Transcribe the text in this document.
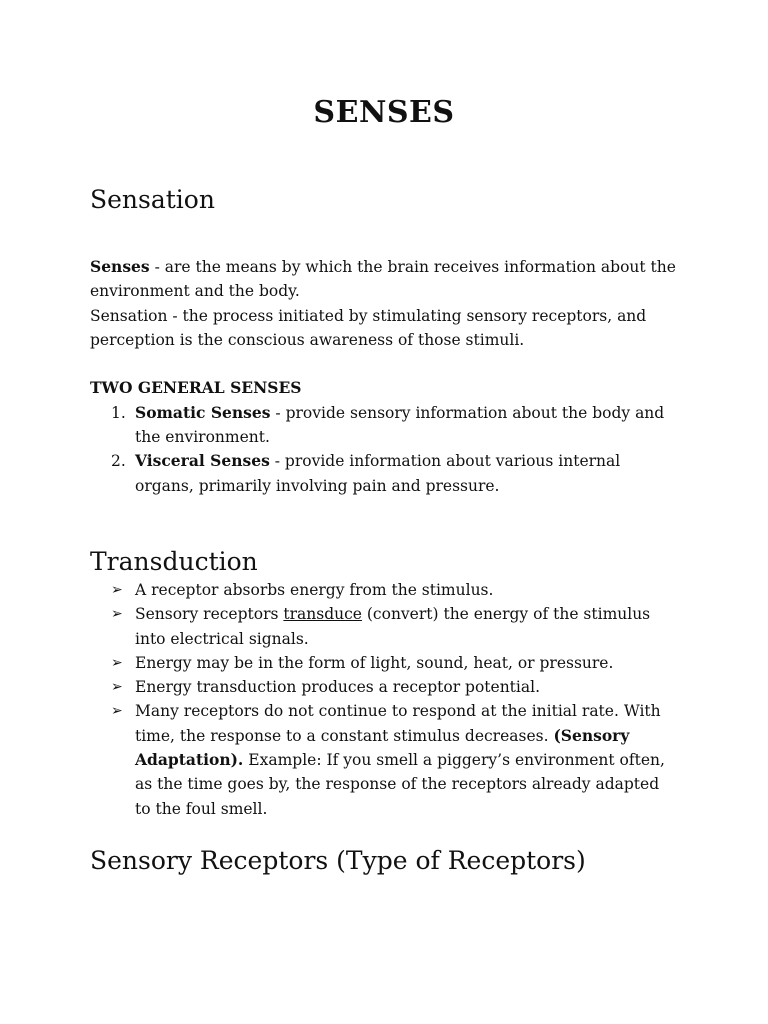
SENSES
Sensation

Senses - are the means by which the brain receives information about the environment and the body.

Sensation - the process initiated by stimulating sensory receptors, and perception is the conscious awareness of those stimuli.

TWO GENERAL SENSES

1. Somatic Senses - provide sensory information about the body and the environment.
2. Visceral Senses - provide information about various internal organs, primarily involving pain and pressure.
Transduction
➢ A receptor absorbs energy from the stimulus.
➢ Sensory receptors transduce (convert) the energy of the stimulus into electrical signals.
➢ Energy may be in the form of light, sound, heat, or pressure.
➢ Energy transduction produces a receptor potential.
➢ Many receptors do not continue to respond at the initial rate. With time, the response to a constant stimulus decreases. (Sensory Adaptation). Example: If you smell a piggery’s environment often, as the time goes by, the response of the receptors already adapted to the foul smell.
Sensory Receptors (Type of Receptors)
